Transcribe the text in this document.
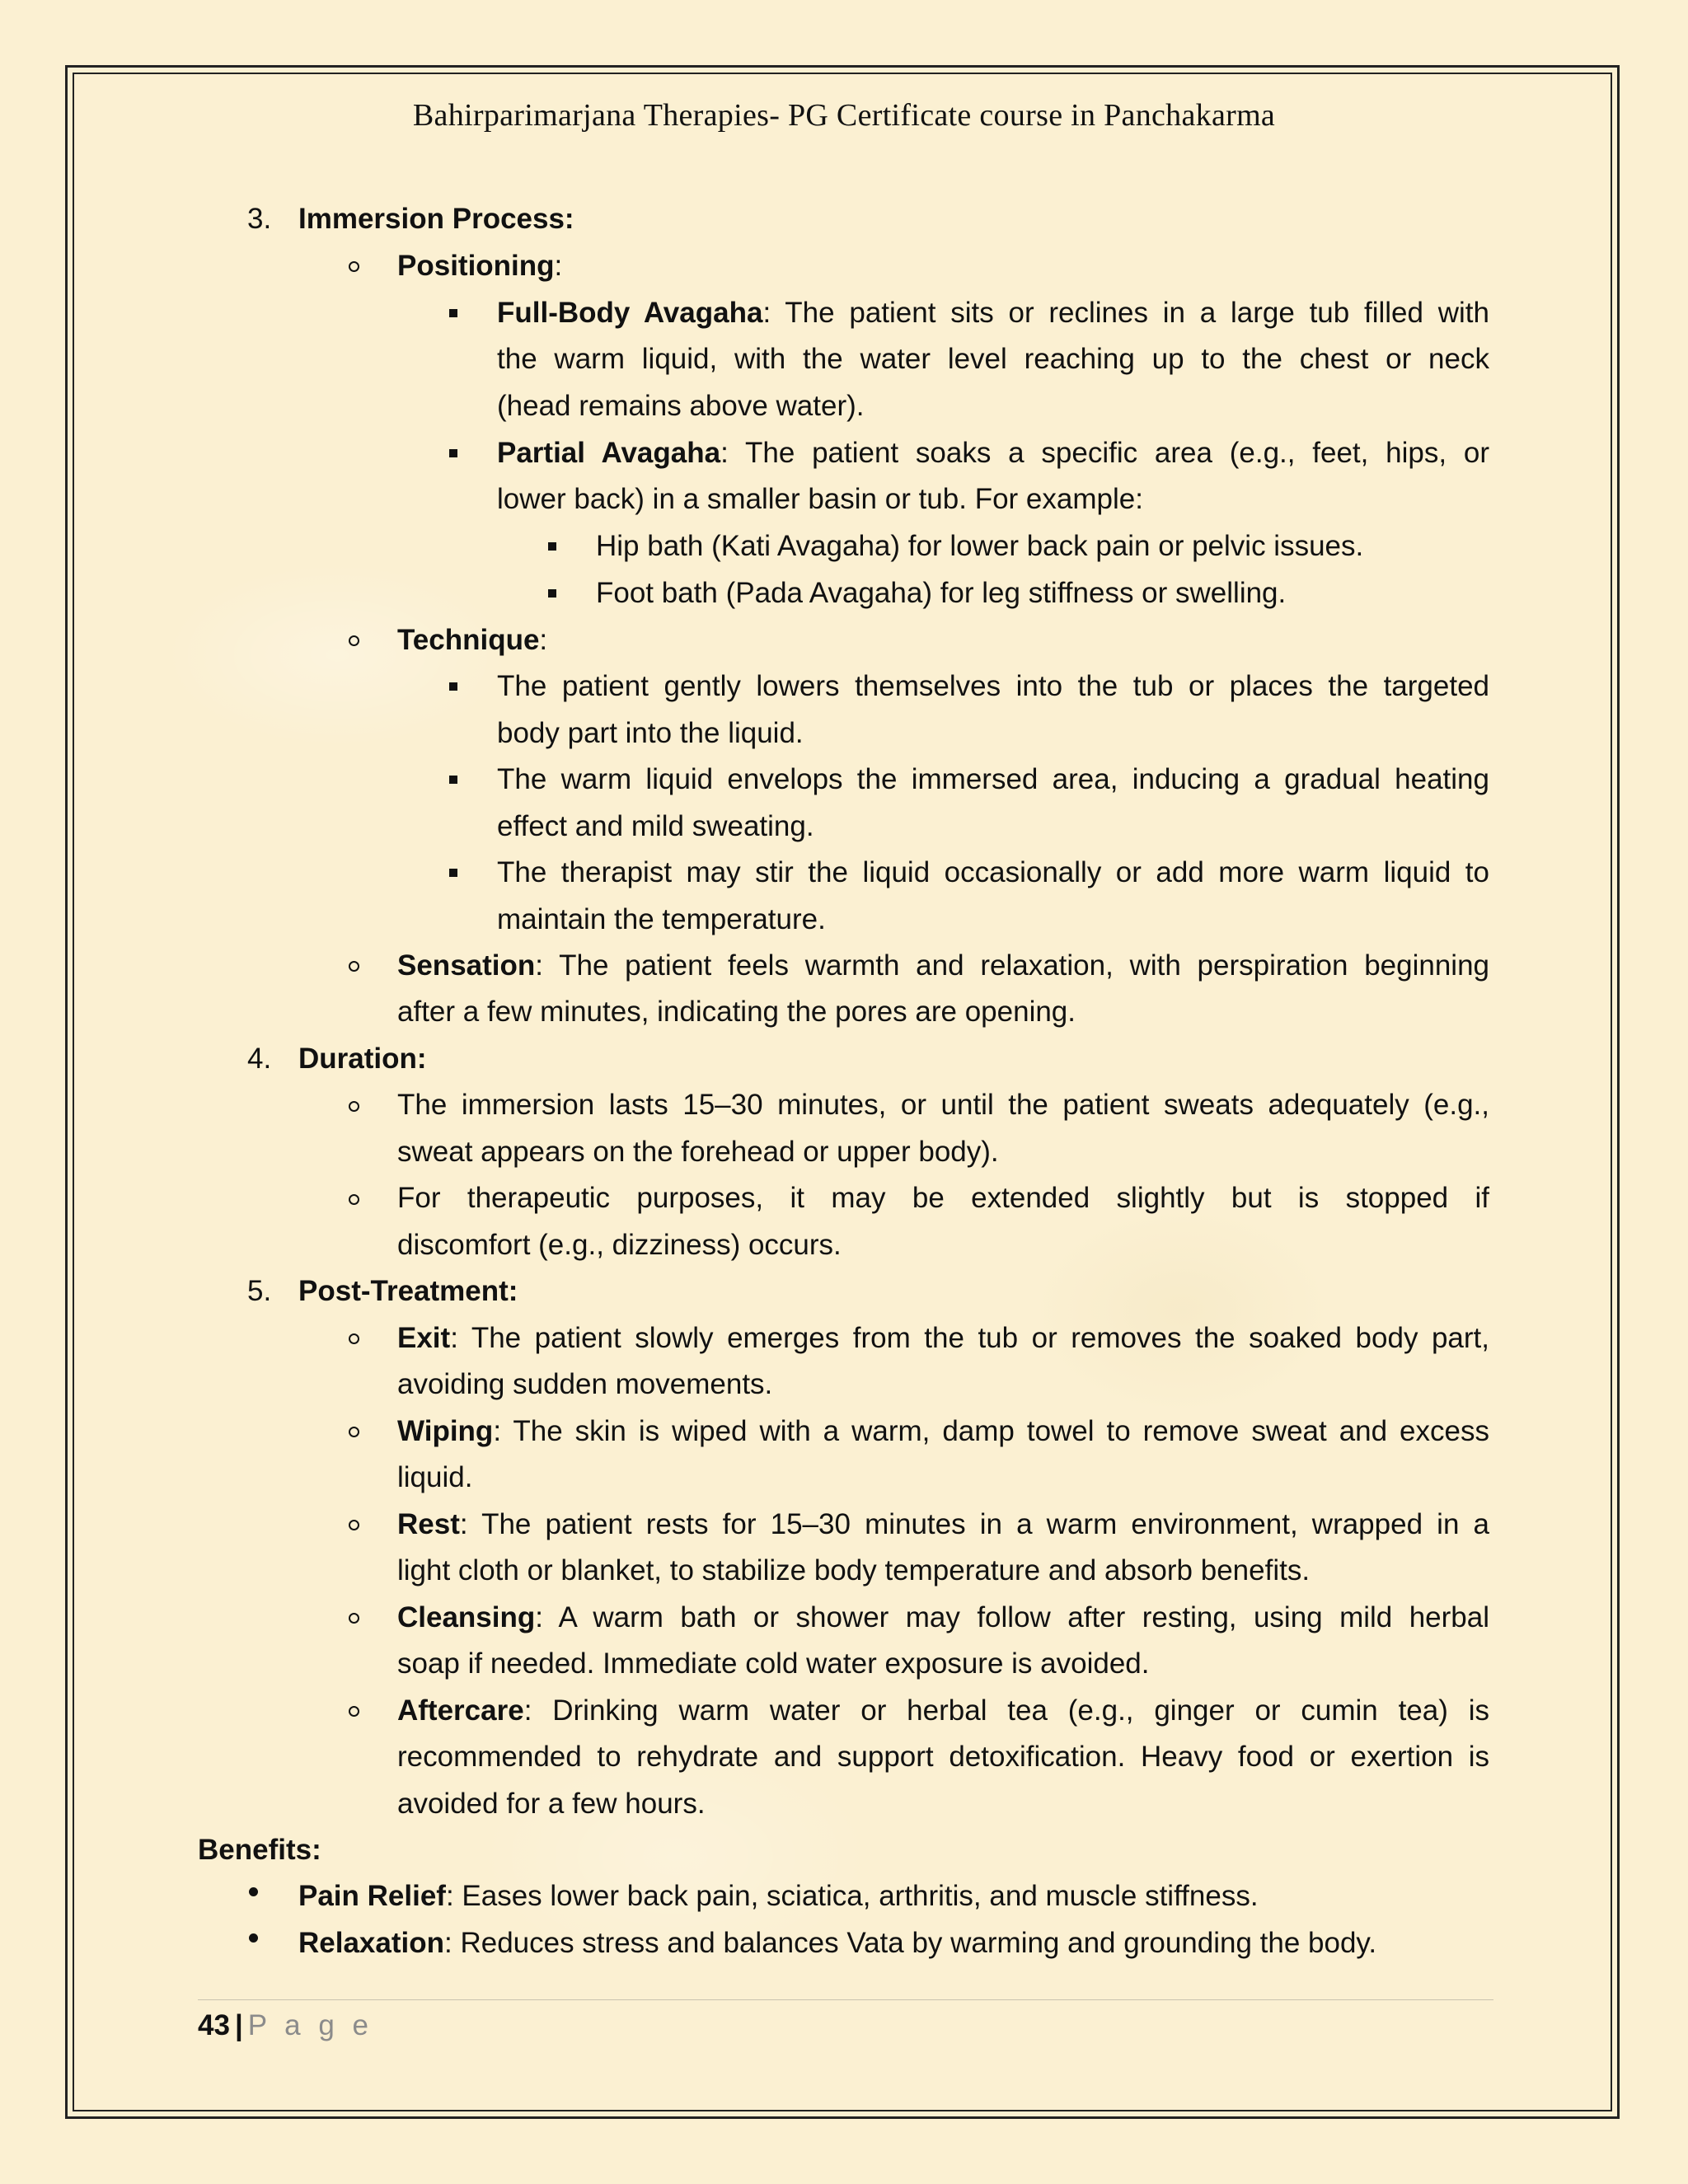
Bahirparimarjana Therapies- PG Certificate course in Panchakarma
3. Immersion Process:
Positioning:
Full-Body Avagaha: The patient sits or reclines in a large tub filled with
the warm liquid, with the water level reaching up to the chest or neck
(head remains above water).
Partial Avagaha: The patient soaks a specific area (e.g., feet, hips, or
lower back) in a smaller basin or tub. For example:
Hip bath (Kati Avagaha) for lower back pain or pelvic issues.
Foot bath (Pada Avagaha) for leg stiffness or swelling.
Technique:
The patient gently lowers themselves into the tub or places the targeted
body part into the liquid.
The warm liquid envelops the immersed area, inducing a gradual heating
effect and mild sweating.
The therapist may stir the liquid occasionally or add more warm liquid to
maintain the temperature.
Sensation: The patient feels warmth and relaxation, with perspiration beginning
after a few minutes, indicating the pores are opening.
4. Duration:
The immersion lasts 15–30 minutes, or until the patient sweats adequately (e.g.,
sweat appears on the forehead or upper body).
For therapeutic purposes, it may be extended slightly but is stopped if
discomfort (e.g., dizziness) occurs.
5. Post-Treatment:
Exit: The patient slowly emerges from the tub or removes the soaked body part,
avoiding sudden movements.
Wiping: The skin is wiped with a warm, damp towel to remove sweat and excess
liquid.
Rest: The patient rests for 15–30 minutes in a warm environment, wrapped in a
light cloth or blanket, to stabilize body temperature and absorb benefits.
Cleansing: A warm bath or shower may follow after resting, using mild herbal
soap if needed. Immediate cold water exposure is avoided.
Aftercare: Drinking warm water or herbal tea (e.g., ginger or cumin tea) is
recommended to rehydrate and support detoxification. Heavy food or exertion is
avoided for a few hours.
Benefits:
Pain Relief: Eases lower back pain, sciatica, arthritis, and muscle stiffness.
Relaxation: Reduces stress and balances Vata by warming and grounding the body.
43 | P a g e
